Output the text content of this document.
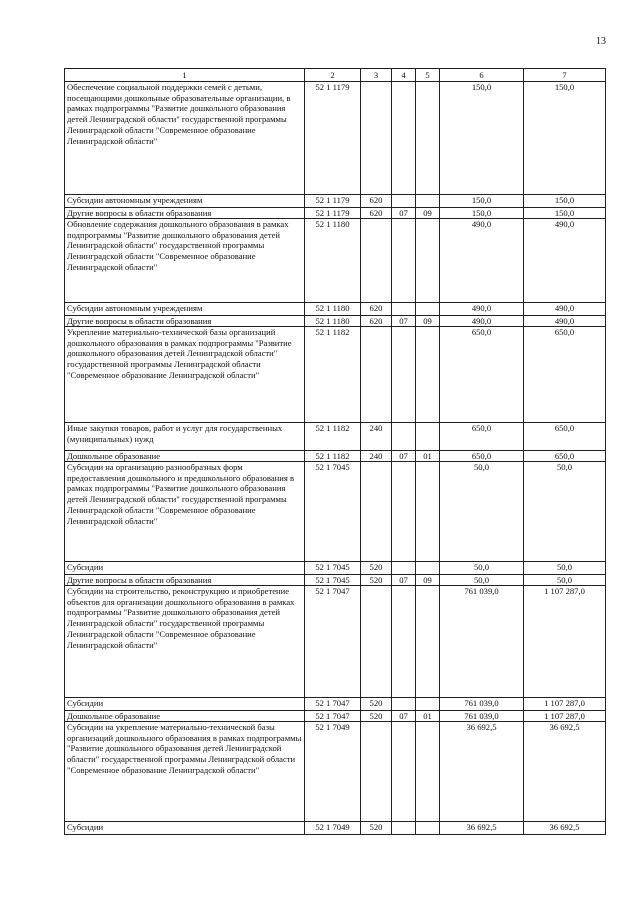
13
1	2	3	4	5	6	7
Обеспечение социальной поддержки семей с детьми, посещающими дошкольные образовательные организации, в рамках подпрограммы "Развитие дошкольного образования детей Ленинградской области" государственной программы Ленинградской области "Современное образование Ленинградской области"	52 1 1179				150,0	150,0
Субсидии автономным учреждениям	52 1 1179	620			150,0	150,0
Другие вопросы в области образования	52 1 1179	620	07	09	150,0	150,0
Обновление содержания дошкольного образования в рамках подпрограммы "Развитие дошкольного образования детей Ленинградской области" государственной программы Ленинградской области "Современное образование Ленинградской области"	52 1 1180				490,0	490,0
Субсидии автономным учреждениям	52 1 1180	620			490,0	490,0
Другие вопросы в области образования	52 1 1180	620	07	09	490,0	490,0
Укрепление материально-технической базы организаций дошкольного образования в рамках подпрограммы "Развитие дошкольного образования детей Ленинградской области" государственной программы Ленинградской области "Современное образование Ленинградской области"	52 1 1182				650,0	650,0
Иные закупки товаров, работ и услуг для государственных (муниципальных) нужд	52 1 1182	240			650,0	650,0
Дошкольное образование	52 1 1182	240	07	01	650,0	650,0
Субсидии на организацию разнообразных форм предоставления дошкольного и предшкольного образования в рамках подпрограммы "Развитие дошкольного образования детей Ленинградской области" государственной программы Ленинградской области "Современное образование Ленинградской области"	52 1 7045				50,0	50,0
Субсидии	52 1 7045	520			50,0	50,0
Другие вопросы в области образования	52 1 7045	520	07	09	50,0	50,0
Субсидии на строительство, реконструкцию и приобретение объектов для организации дошкольного образования в рамках подпрограммы "Развитие дошкольного образования детей Ленинградской области" государственной программы Ленинградской области "Современное образование Ленинградской области"	52 1 7047				761 039,0	1 107 287,0
Субсидии	52 1 7047	520			761 039,0	1 107 287,0
Дошкольное образование	52 1 7047	520	07	01	761 039,0	1 107 287,0
Субсидии на укрепление материально-технической базы организаций дошкольного образования в рамках подпрограммы "Развитие дошкольного образования детей Ленинградской области" государственной программы Ленинградской области "Современное образование Ленинградской области"	52 1 7049				36 692,5	36 692,5
Субсидии	52 1 7049	520			36 692,5	36 692,5
